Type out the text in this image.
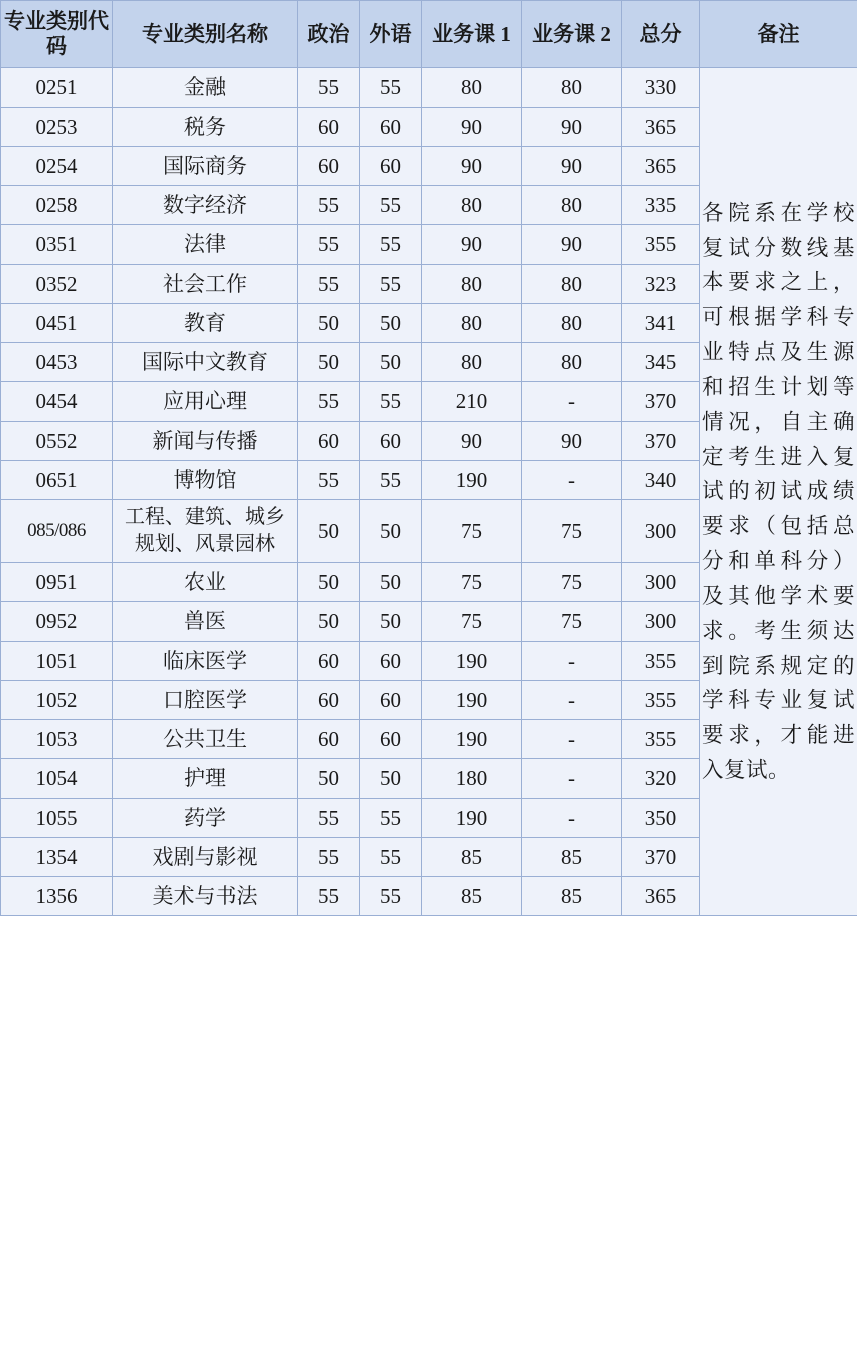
专业类别代码	专业类别名称	政治	外语	业务课 1	业务课 2	总分	备注
0251	金融	55	55	80	80	330	各院系在学校复试分数线基本要求之上，可根据学科专业特点及生源和招生计划等情况，自主确定考生进入复试的初试成绩要求（包括总分和单科分）及其他学术要求。考生须达到院系规定的学科专业复试要求，才能进入复试。

0253	税务	60	60	90	90	365	
0254	国际商务	60	60	90	90	365	
0258	数字经济	55	55	80	80	335	
0351	法律	55	55	90	90	355	
0352	社会工作	55	55	80	80	323	
0451	教育	50	50	80	80	341	
0453	国际中文教育	50	50	80	80	345	
0454	应用心理	55	55	210	-	370	
0552	新闻与传播	60	60	90	90	370	
0651	博物馆	55	55	190	-	340	
085/086	工程、建筑、城乡规划、风景园林	50	50	75	75	300	
0951	农业	50	50	75	75	300	
0952	兽医	50	50	75	75	300	
1051	临床医学	60	60	190	-	355	
1052	口腔医学	60	60	190	-	355	
1053	公共卫生	60	60	190	-	355	
1054	护理	50	50	180	-	320	
1055	药学	55	55	190	-	350	
1354	戏剧与影视	55	55	85	85	370	
1356	美术与书法	55	55	85	85	365	
